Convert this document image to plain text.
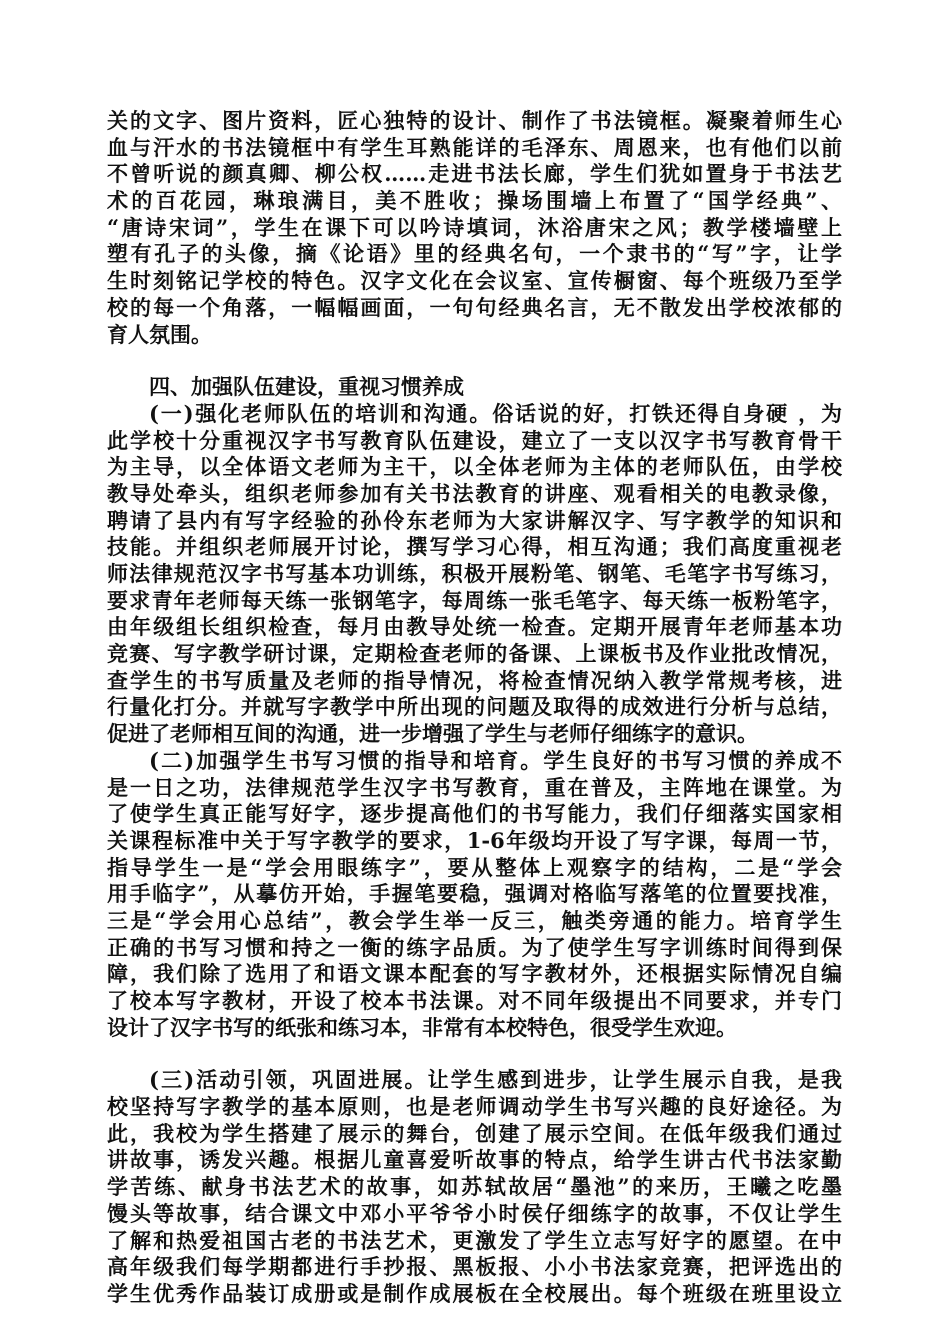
关的文字、图片资料，匠心独特的设计、制作了书法镜框。凝聚着师生心
血与汗水的书法镜框中有学生耳熟能详的毛泽东、周恩来，也有他们以前
不曾听说的颜真卿、柳公权……走进书法长廊，学生们犹如置身于书法艺
术的百花园，琳琅满目，美不胜收；操场围墙上布置了“国学经典”、
“唐诗宋词”，学生在课下可以吟诗填词，沐浴唐宋之风；教学楼墙壁上
塑有孔子的头像，摘《论语》里的经典名句，一个隶书的“写”字，让学
生时刻铭记学校的特色。汉字文化在会议室、宣传橱窗、每个班级乃至学
校的每一个角落，一幅幅画面，一句句经典名言，无不散发出学校浓郁的
育人氛围。
四、加强队伍建设，重视习惯养成
(一)强化老师队伍的培训和沟通。俗话说的好，打铁还得自身硬 ，为
此学校十分重视汉字书写教育队伍建设，建立了一支以汉字书写教育骨干
为主导，以全体语文老师为主干，以全体老师为主体的老师队伍，由学校
教导处牵头，组织老师参加有关书法教育的讲座、观看相关的电教录像，
聘请了县内有写字经验的孙伶东老师为大家讲解汉字、写字教学的知识和
技能。并组织老师展开讨论，撰写学习心得，相互沟通；我们高度重视老
师法律规范汉字书写基本功训练，积极开展粉笔、钢笔、毛笔字书写练习，
要求青年老师每天练一张钢笔字，每周练一张毛笔字、每天练一板粉笔字，
由年级组长组织检查，每月由教导处统一检查。定期开展青年老师基本功
竞赛、写字教学研讨课，定期检查老师的备课、上课板书及作业批改情况，
查学生的书写质量及老师的指导情况，将检查情况纳入教学常规考核，进
行量化打分。并就写字教学中所出现的问题及取得的成效进行分析与总结，
促进了老师相互间的沟通，进一步增强了学生与老师仔细练字的意识。
(二)加强学生书写习惯的指导和培育。学生良好的书写习惯的养成不
是一日之功，法律规范学生汉字书写教育，重在普及，主阵地在课堂。为
了使学生真正能写好字，逐步提高他们的书写能力，我们仔细落实国家相
关课程标准中关于写字教学的要求，1-6年级均开设了写字课，每周一节，
指导学生一是“学会用眼练字”，要从整体上观察字的结构，二是“学会
用手临字”，从摹仿开始，手握笔要稳，强调对格临写落笔的位置要找准，
三是“学会用心总结”，教会学生举一反三，触类旁通的能力。培育学生
正确的书写习惯和持之一衡的练字品质。为了使学生写字训练时间得到保
障，我们除了选用了和语文课本配套的写字教材外，还根据实际情况自编
了校本写字教材，开设了校本书法课。对不同年级提出不同要求，并专门
设计了汉字书写的纸张和练习本，非常有本校特色，很受学生欢迎。
(三)活动引领，巩固进展。让学生感到进步，让学生展示自我，是我
校坚持写字教学的基本原则，也是老师调动学生书写兴趣的良好途径。为
此，我校为学生搭建了展示的舞台，创建了展示空间。在低年级我们通过
讲故事，诱发兴趣。根据儿童喜爱听故事的特点，给学生讲古代书法家勤
学苦练、献身书法艺术的故事，如苏轼故居“墨池”的来历，王曦之吃墨
馒头等故事，结合课文中邓小平爷爷小时侯仔细练字的故事，不仅让学生
了解和热爱祖国古老的书法艺术，更激发了学生立志写好字的愿望。在中
高年级我们每学期都进行手抄报、黑板报、小小书法家竞赛，把评选出的
学生优秀作品装订成册或是制作成展板在全校展出。每个班级在班里设立
